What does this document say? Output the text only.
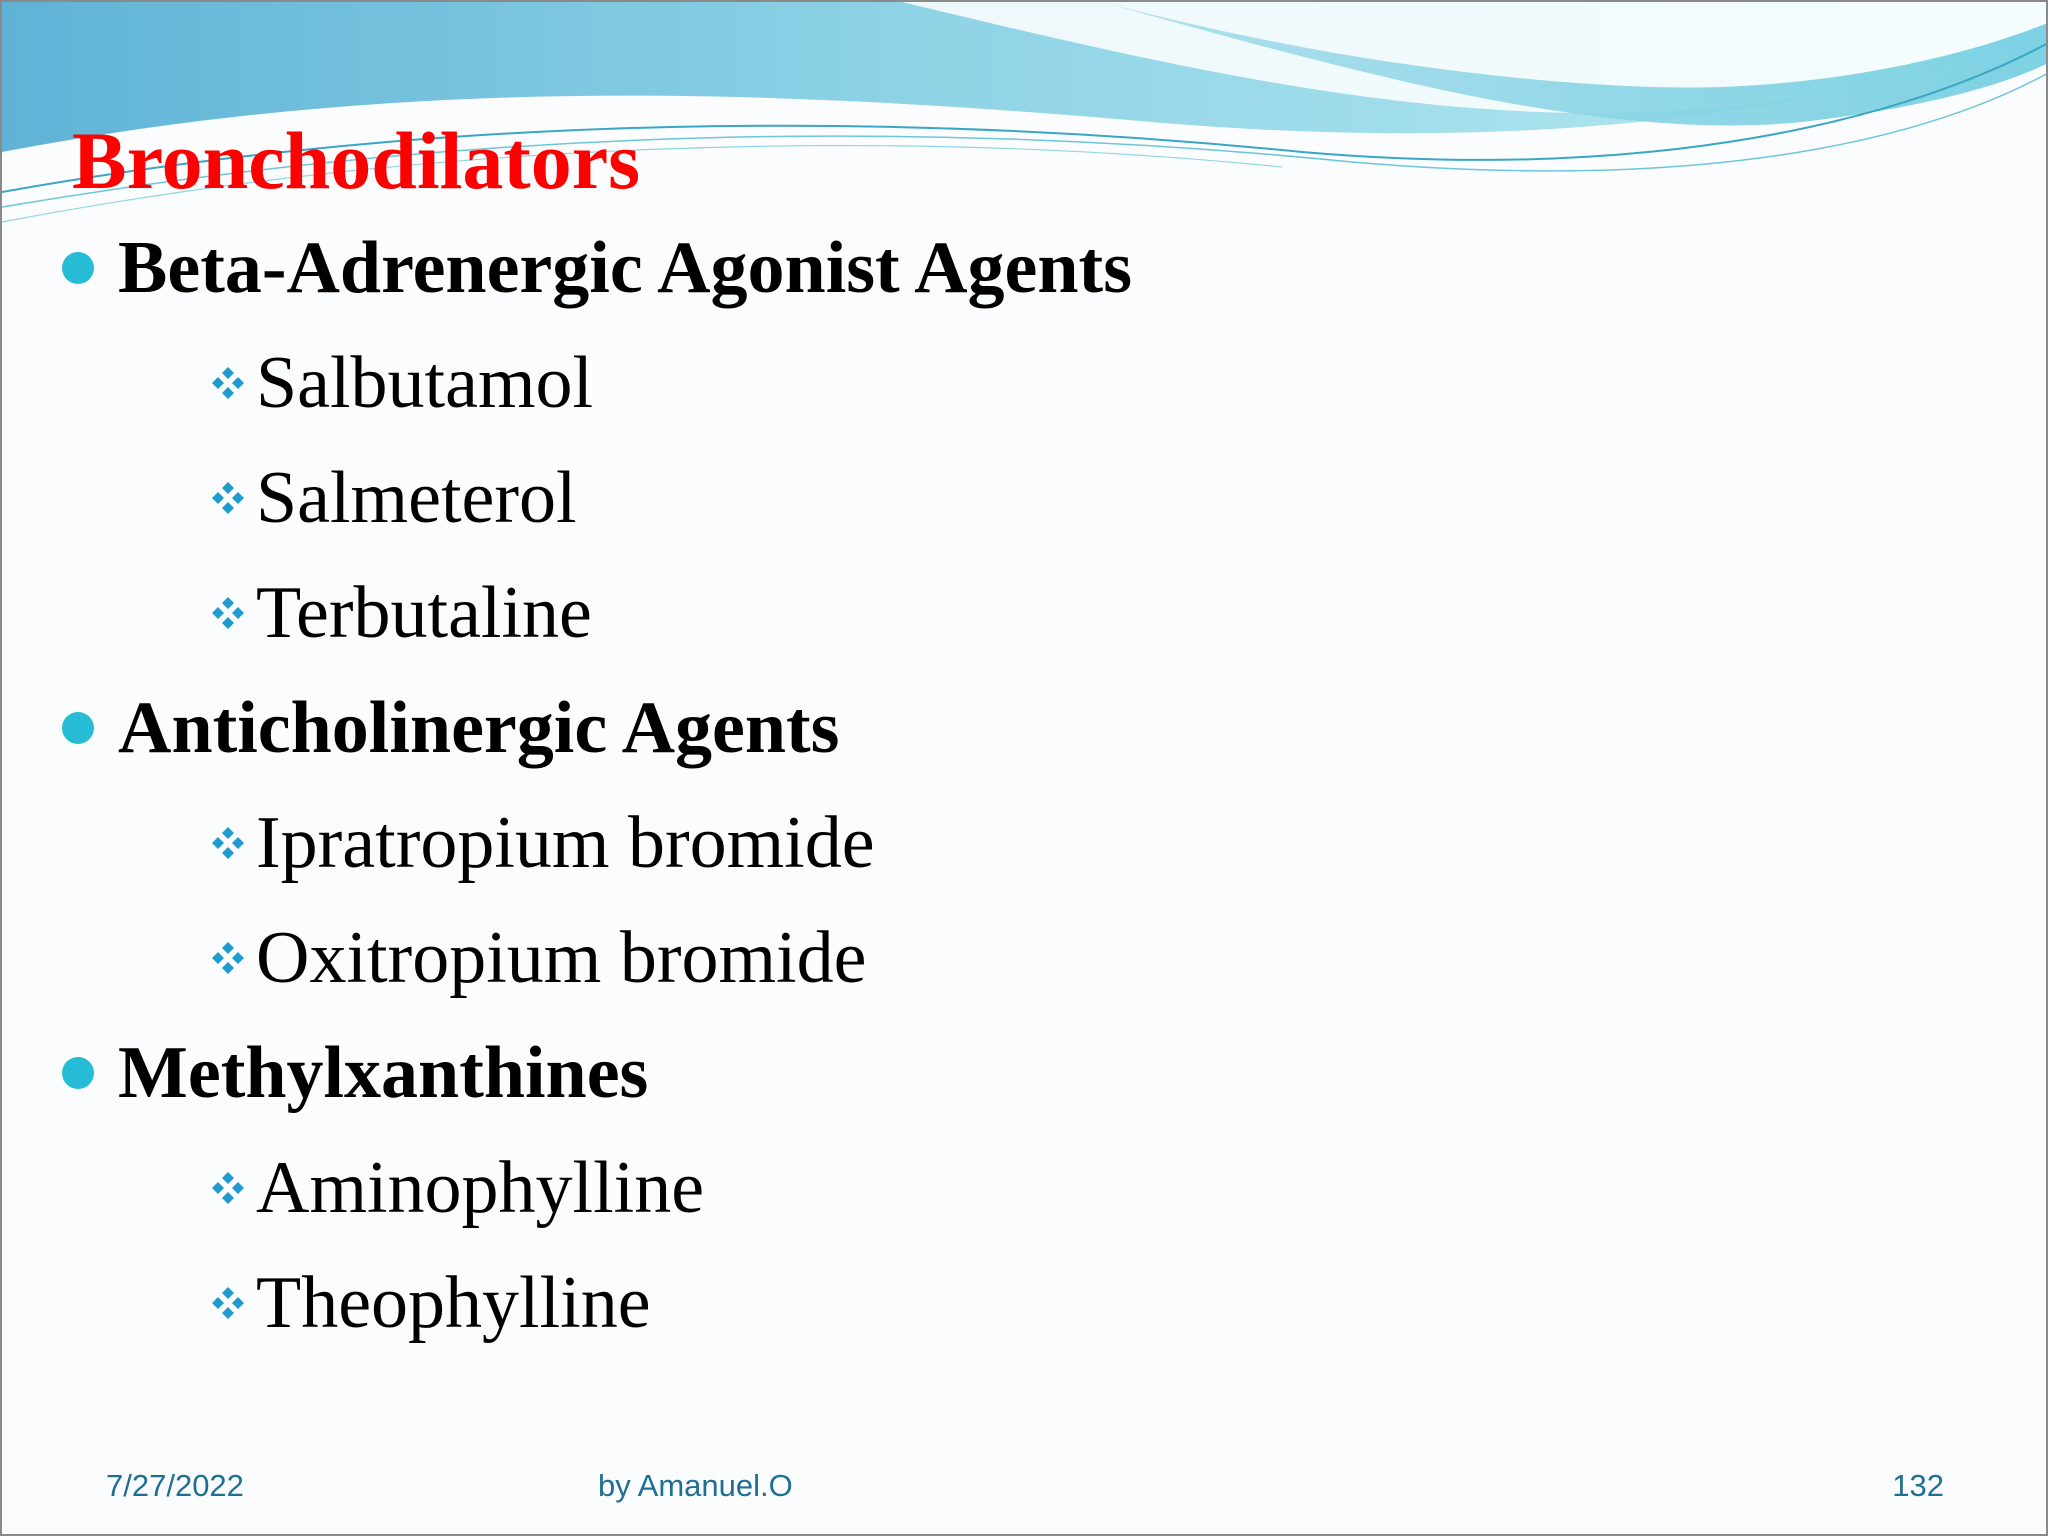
Bronchodilators
Beta-Adrenergic Agonist Agents
Salbutamol
Salmeterol
Terbutaline
Anticholinergic Agents
Ipratropium bromide
Oxitropium bromide
Methylxanthines
Aminophylline
Theophylline
7/27/2022	by Amanuel.O	132
